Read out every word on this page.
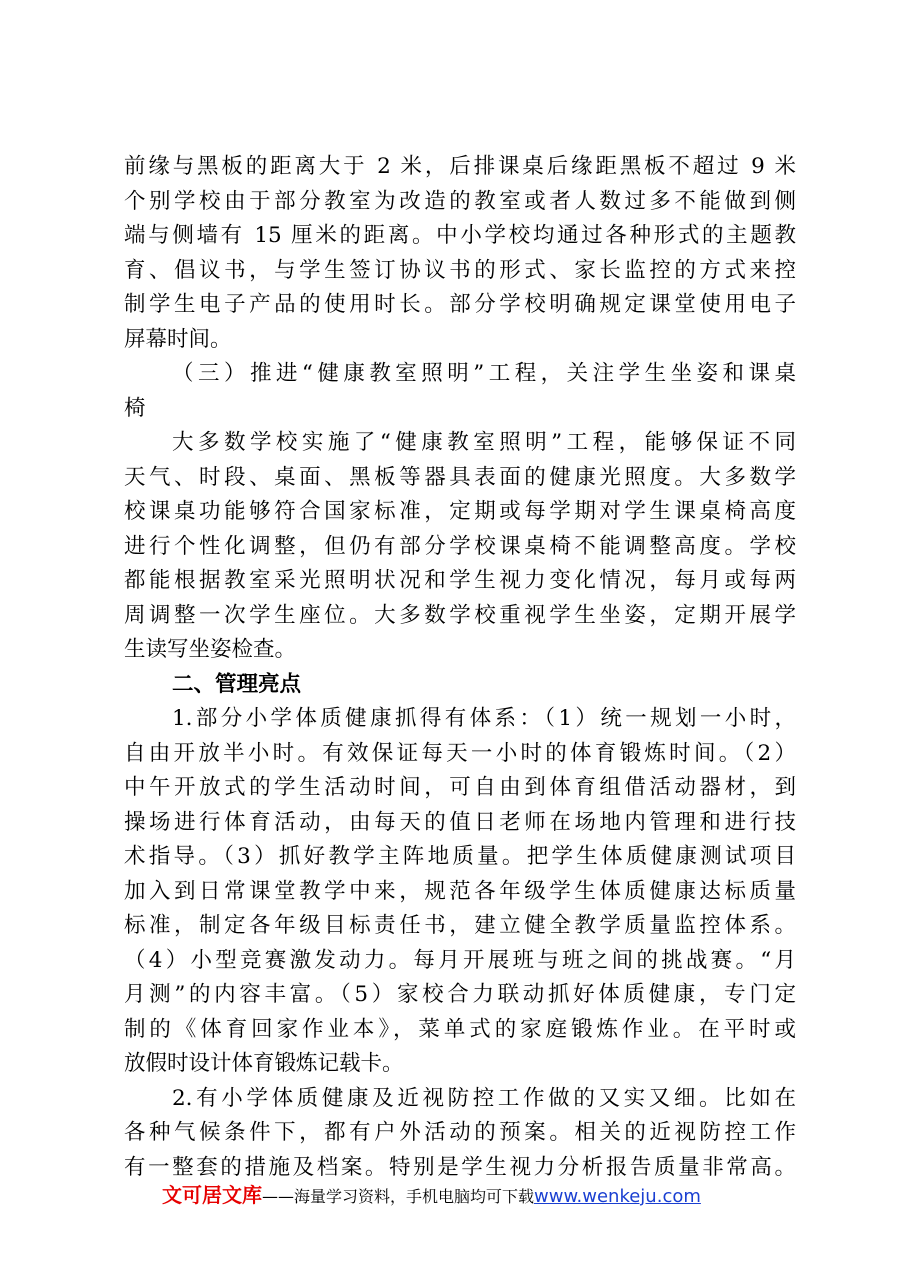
前缘与黑板的距离大于 2 米，后排课桌后缘距黑板不超过 9 米
个别学校由于部分教室为改造的教室或者人数过多不能做到侧
端与侧墙有 15 厘米的距离。中小学校均通过各种形式的主题教
育、倡议书，与学生签订协议书的形式、家长监控的方式来控
制学生电子产品的使用时长。部分学校明确规定课堂使用电子
屏幕时间。
（三）推进“健康教室照明”工程，关注学生坐姿和课桌
椅
大多数学校实施了“健康教室照明”工程，能够保证不同
天气、时段、桌面、黑板等器具表面的健康光照度。大多数学
校课桌功能够符合国家标准，定期或每学期对学生课桌椅高度
进行个性化调整，但仍有部分学校课桌椅不能调整高度。学校
都能根据教室采光照明状况和学生视力变化情况，每月或每两
周调整一次学生座位。大多数学校重视学生坐姿，定期开展学
生读写坐姿检查。
二、管理亮点
1.部分小学体质健康抓得有体系：（1）统一规划一小时，
自由开放半小时。有效保证每天一小时的体育锻炼时间。（2）
中午开放式的学生活动时间，可自由到体育组借活动器材，到
操场进行体育活动，由每天的值日老师在场地内管理和进行技
术指导。（3）抓好教学主阵地质量。把学生体质健康测试项目
加入到日常课堂教学中来，规范各年级学生体质健康达标质量
标准，制定各年级目标责任书，建立健全教学质量监控体系。
（4）小型竞赛激发动力。每月开展班与班之间的挑战赛。“月
月测”的内容丰富。（5）家校合力联动抓好体质健康，专门定
制的《体育回家作业本》，菜单式的家庭锻炼作业。在平时或
放假时设计体育锻炼记载卡。
2.有小学体质健康及近视防控工作做的又实又细。比如在
各种气候条件下，都有户外活动的预案。相关的近视防控工作
有一整套的措施及档案。特别是学生视力分析报告质量非常高。
文可居文库——海量学习资料，手机电脑均可下载www.wenkeju.com
